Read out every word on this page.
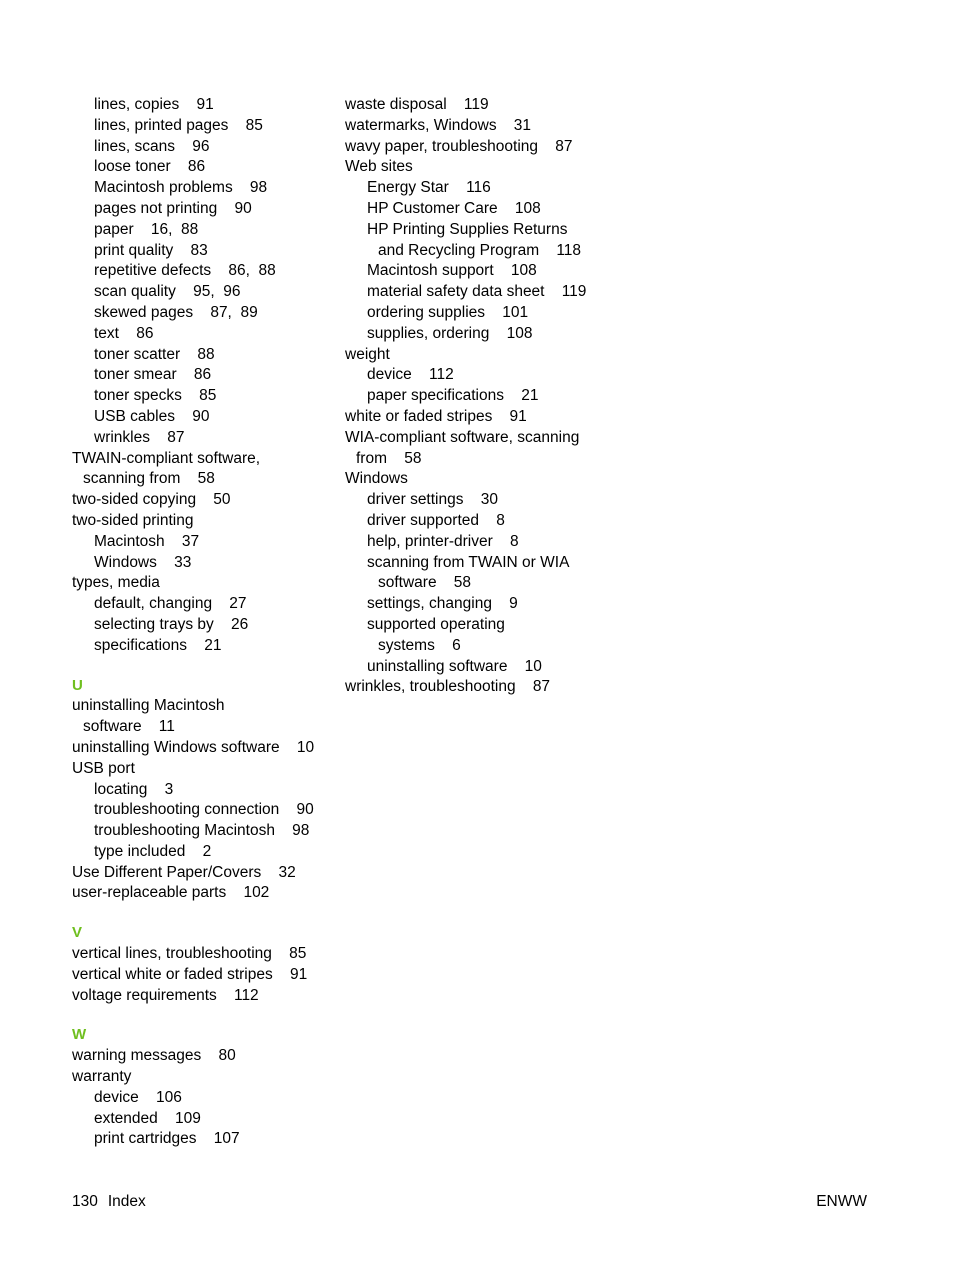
lines, copies    91
lines, printed pages    85
lines, scans    96
loose toner    86
Macintosh problems    98
pages not printing    90
paper    16,  88
print quality    83
repetitive defects    86,  88
scan quality    95,  96
skewed pages    87,  89
text    86
toner scatter    88
toner smear    86
toner specks    85
USB cables    90
wrinkles    87
TWAIN-compliant software,
scanning from    58
two-sided copying    50
two-sided printing
Macintosh    37
Windows    33
types, media
default, changing    27
selecting trays by    26
specifications    21
U
uninstalling Macintosh
software    11
uninstalling Windows software    10
USB port
locating    3
troubleshooting connection    90
troubleshooting Macintosh    98
type included    2
Use Different Paper/Covers    32
user-replaceable parts    102
V
vertical lines, troubleshooting    85
vertical white or faded stripes    91
voltage requirements    112
W
warning messages    80
warranty
device    106
extended    109
print cartridges    107
waste disposal    119
watermarks, Windows    31
wavy paper, troubleshooting    87
Web sites
Energy Star    116
HP Customer Care    108
HP Printing Supplies Returns
and Recycling Program    118
Macintosh support    108
material safety data sheet    119
ordering supplies    101
supplies, ordering    108
weight
device    112
paper specifications    21
white or faded stripes    91
WIA-compliant software, scanning
from    58
Windows
driver settings    30
driver supported    8
help, printer-driver    8
scanning from TWAIN or WIA
software    58
settings, changing    9
supported operating
systems    6
uninstalling software    10
wrinkles, troubleshooting    87
130 Index	ENWW
